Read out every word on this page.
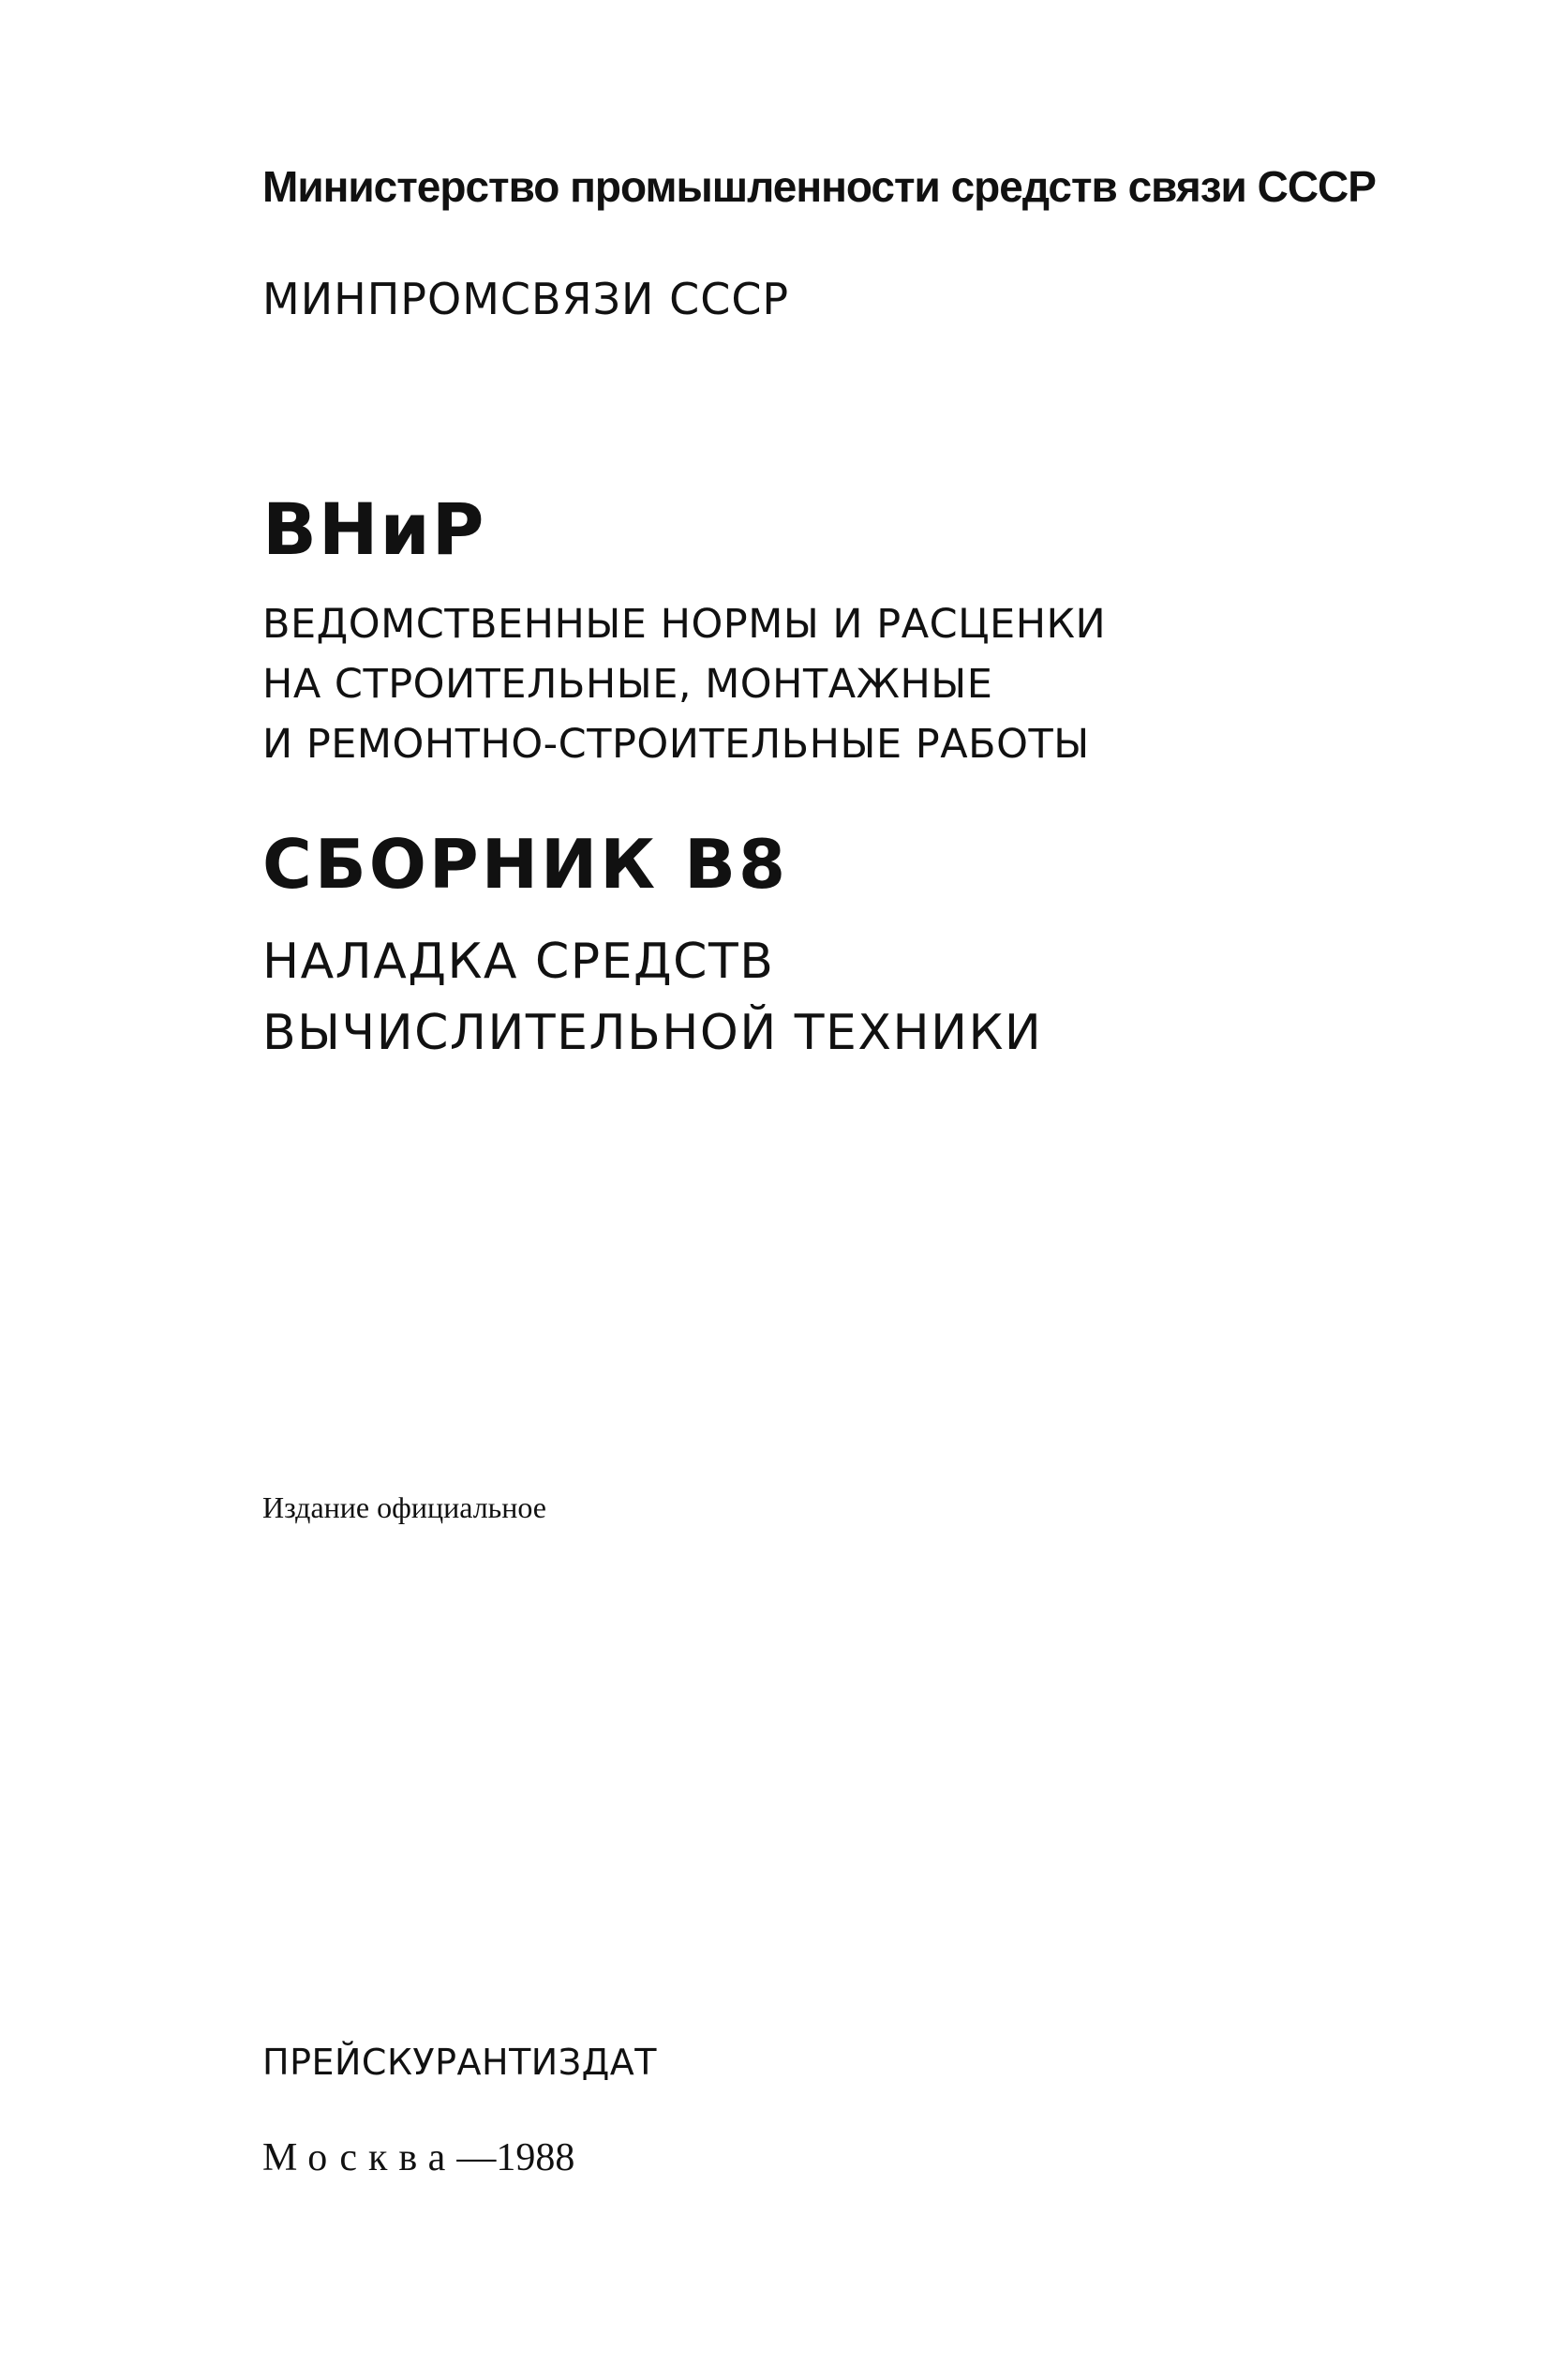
Министерство промышленности средств связи СССР
МИНПРОМСВЯЗИ СССР
ВНиР
ВЕДОМСТВЕННЫЕ НОРМЫ И РАСЦЕНКИ
НА СТРОИТЕЛЬНЫЕ, МОНТАЖНЫЕ
И РЕМОНТНО-СТРОИТЕЛЬНЫЕ РАБОТЫ
СБОРНИК В8
НАЛАДКА СРЕДСТВ
ВЫЧИСЛИТЕЛЬНОЙ ТЕХНИКИ
Издание официальное
ПРЕЙСКУРАНТИЗДАТ
Москва—1988
